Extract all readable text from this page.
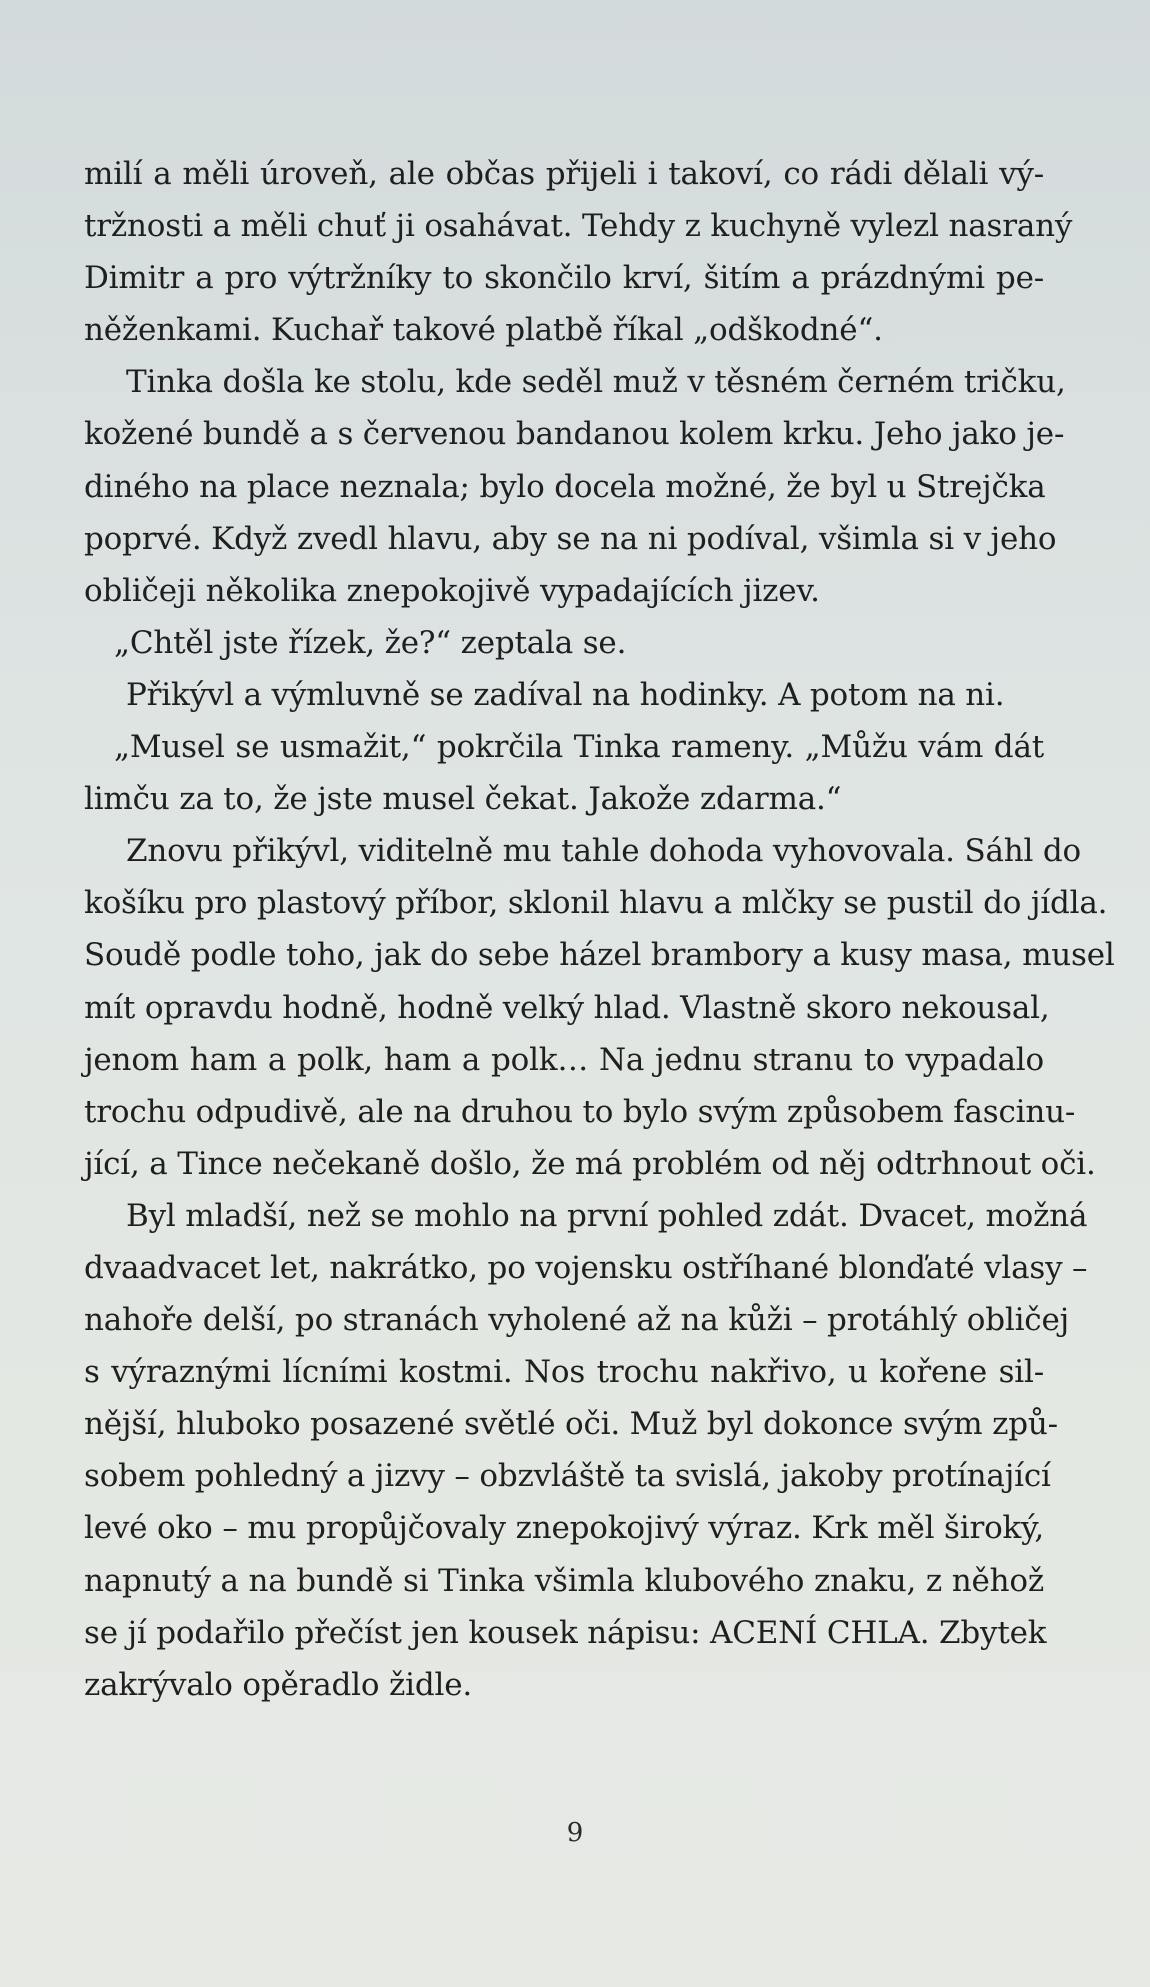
milí a měli úroveň, ale občas přijeli i takoví, co rádi dělali vý-
tržnosti a měli chuť ji osahávat. Tehdy z kuchyně vylezl nasraný
Dimitr a pro výtržníky to skončilo krví, šitím a prázdnými pe-
něženkami. Kuchař takové platbě říkal „odškodné“.
Tinka došla ke stolu, kde seděl muž v těsném černém tričku,
kožené bundě a s červenou bandanou kolem krku. Jeho jako je-
diného na place neznala; bylo docela možné, že byl u Strejčka
poprvé. Když zvedl hlavu, aby se na ni podíval, všimla si v jeho
obličeji několika znepokojivě vypadajících jizev.
„Chtěl jste řízek, že?“ zeptala se.
Přikývl a výmluvně se zadíval na hodinky. A potom na ni.
„Musel se usmažit,“ pokrčila Tinka rameny. „Můžu vám dát
limču za to, že jste musel čekat. Jakože zdarma.“
Znovu přikývl, viditelně mu tahle dohoda vyhovovala. Sáhl do
košíku pro plastový příbor, sklonil hlavu a mlčky se pustil do jídla.
Soudě podle toho, jak do sebe házel brambory a kusy masa, musel
mít opravdu hodně, hodně velký hlad. Vlastně skoro nekousal,
jenom ham a polk, ham a polk… Na jednu stranu to vypadalo
trochu odpudivě, ale na druhou to bylo svým způsobem fascinu-
jící, a Tince nečekaně došlo, že má problém od něj odtrhnout oči.
Byl mladší, než se mohlo na první pohled zdát. Dvacet, možná
dvaadvacet let, nakrátko, po vojensku ostříhané blonďaté vlasy –
nahoře delší, po stranách vyholené až na kůži – protáhlý obličej
s výraznými lícními kostmi. Nos trochu nakřivo, u kořene sil-
nější, hluboko posazené světlé oči. Muž byl dokonce svým způ-
sobem pohledný a jizvy – obzvláště ta svislá, jakoby protínající
levé oko – mu propůjčovaly znepokojivý výraz. Krk měl široký,
napnutý a na bundě si Tinka všimla klubového znaku, z něhož
se jí podařilo přečíst jen kousek nápisu: ACENÍ CHLA. Zbytek
zakrývalo opěradlo židle.
9
